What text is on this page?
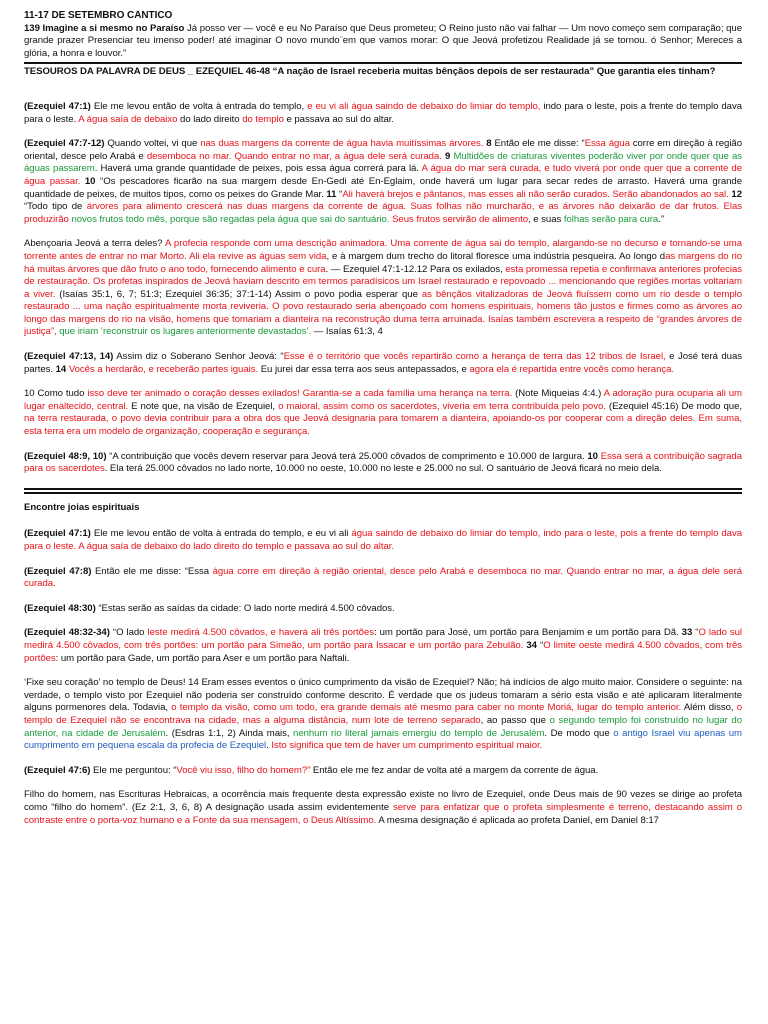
11-17 DE SETEMBRO CÂNTICO

139 Imagine a si mesmo no Paraíso Já posso ver — você e eu No Paraíso que Deus prometeu; O Reino justo não vai falhar — Um novo começo sem comparação; que grande prazer Presenciar teu imenso poder! até imaginar O novo mundo¨em que vamos morar: O que Jeová profetizou Realidade já se tornou. ó Senhor; Mereces a glória, a honra e louvor.”

TESOUROS DA PALAVRA DE DEUS _ EZEQUIEL 46-48 “A nação de Israel receberia muitas bênçãos depois de ser restaurada” Que garantia eles tinham?

(Ezequiel 47:1) Ele me levou então de volta à entrada do templo, e eu vi ali água saindo de debaixo do limiar do templo, indo para o leste, pois a frente do templo dava para o leste. A água saía de debaixo do lado direito do templo e passava ao sul do altar.

(Ezequiel 47:7-12) Quando voltei, vi que nas duas margens da corrente de água havia muitíssimas árvores. 8 Então ele me disse: “Essa água corre em direção à região oriental, desce pelo Arabá e desemboca no mar. Quando entrar no mar, a água dele será curada. 9 Multidões de criaturas viventes poderão viver por onde quer que as águas passarem. Haverá uma grande quantidade de peixes, pois essa água correrá para lá. A água do mar será curada, e tudo viverá por onde quer que a corrente de água passar. 10 “Os pescadores ficarão na sua margem desde En-Gedi até En-Eglaim, onde haverá um lugar para secar redes de arrasto. Haverá uma grande quantidade de peixes, de muitos tipos, como os peixes do Grande Mar. 11 “Ali haverá brejos e pântanos, mas esses ali não serão curados. Serão abandonados ao sal. 12 “Todo tipo de árvores para alimento crescerá nas duas margens da corrente de água. Suas folhas não murcharão, e as árvores não deixarão de dar frutos. Elas produzirão novos frutos todo mês, porque são regadas pela água que sai do santuário. Seus frutos servirão de alimento, e suas folhas serão para cura.”

Abençoaria Jeová a terra deles? A profecia responde com uma descrição animadora. Uma corrente de água sai do templo, alargando-se no decurso e tornando-se uma torrente antes de entrar no mar Morto. Ali ela revive as águas sem vida, e à margem dum trecho do litoral floresce uma indústria pesqueira. Ao longo das margens do rio há muitas árvores que dão fruto o ano todo, fornecendo alimento e cura. — Ezequiel 47:1-12.12 Para os exilados, esta promessa repetia e confirmava anteriores profecias de restauração. Os profetas inspirados de Jeová haviam descrito em termos paradísicos um Israel restaurado e repovoado ... mencionando que regiões mortas voltariam a viver. (Isaías 35:1, 6, 7; 51:3; Ezequiel 36:35; 37:1-14) Assim o povo podia esperar que as bênçãos vitalizadoras de Jeová fluíssem como um rio desde o templo restaurado ... uma nação espiritualmente morta reviveria. O povo restaurado seria abençoado com homens espirituais, homens tão justos e firmes como as árvores ao longo das margens do rio na visão, homens que tomariam a dianteira na reconstrução duma terra arruinada. Isaías também escrevera a respeito de “grandes árvores de justiça”, que iriam ‘reconstruir os lugares anteriormente devastados’. — Isaías 61:3, 4

(Ezequiel 47:13, 14) Assim diz o Soberano Senhor Jeová: “Esse é o território que vocês repartirão como a herança de terra das 12 tribos de Israel, e José terá duas partes. 14 Vocês a herdarão, e receberão partes iguais. Eu jurei dar essa terra aos seus antepassados, e agora ela é repartida entre vocês como herança.

10 Como tudo isso deve ter animado o coração desses exilados! Garantia-se a cada família uma herança na terra. (Note Miqueias 4:4.) A adoração pura ocuparia ali um lugar enaltecido, central. E note que, na visão de Ezequiel, o maioral, assim como os sacerdotes, viveria em terra contribuída pelo povo. (Ezequiel 45:16) De modo que, na terra restaurada, o povo devia contribuir para a obra dos que Jeová designaria para tomarem a dianteira, apoiando-os por cooperar com a direção deles. Em suma, esta terra era um modelo de organização, cooperação e segurança.

(Ezequiel 48:9, 10) “A contribuição que vocês devem reservar para Jeová terá 25.000 côvados de comprimento e 10.000 de largura. 10 Essa será a contribuição sagrada para os sacerdotes. Ela terá 25.000 côvados no lado norte, 10.000 no oeste, 10.000 no leste e 25.000 no sul. O santuário de Jeová ficará no meio dela.

Encontre joias espirituais

(Ezequiel 47:1) Ele me levou então de volta à entrada do templo, e eu vi ali água saindo de debaixo do limiar do templo, indo para o leste, pois a frente do templo dava para o leste. A água saía de debaixo do lado direito do templo e passava ao sul do altar.

(Ezequiel 47:8) Então ele me disse: “Essa água corre em direção à região oriental, desce pelo Arabá e desemboca no mar. Quando entrar no mar, a água dele será curada.

(Ezequiel 48:30) “Estas serão as saídas da cidade: O lado norte medirá 4.500 côvados.

(Ezequiel 48:32-34) “O lado leste medirá 4.500 côvados, e haverá ali três portões: um portão para José, um portão para Benjamim e um portão para Dã. 33 “O lado sul medirá 4.500 côvados, com três portões: um portão para Simeão, um portão para Issacar e um portão para Zebulão. 34 “O limite oeste medirá 4.500 côvados, com três portões: um portão para Gade, um portão para Aser e um portão para Naftali.

‘Fixe seu coração’ no templo de Deus! 14 Eram esses eventos o único cumprimento da visão de Ezequiel? Não; há indícios de algo muito maior. Considere o seguinte: na verdade, o templo visto por Ezequiel não poderia ser construído conforme descrito. É verdade que os judeus tomaram a sério esta visão e até aplicaram literalmente alguns pormenores dela. Todavia, o templo da visão, como um todo, era grande demais até mesmo para caber no monte Moriá, lugar do templo anterior. Além disso, o templo de Ezequiel não se encontrava na cidade, mas a alguma distância, num lote de terreno separado, ao passo que o segundo templo foi construído no lugar do anterior, na cidade de Jerusalém. (Esdras 1:1, 2) Ainda mais, nenhum rio literal jamais emergiu do templo de Jerusalém. De modo que o antigo Israel viu apenas um cumprimento em pequena escala da profecia de Ezequiel. Isto significa que tem de haver um cumprimento espiritual maior.

(Ezequiel 47:6) Ele me perguntou: “Você viu isso, filho do homem?” Então ele me fez andar de volta até a margem da corrente de água.

Filho do homem, nas Escrituras Hebraicas, a ocorrência mais frequente desta expressão existe no livro de Ezequiel, onde Deus mais de 90 vezes se dirige ao profeta como “filho do homem”. (Ez 2:1, 3, 6, 8) A designação usada assim evidentemente serve para enfatizar que o profeta simplesmente é terreno, destacando assim o contraste entre o porta-voz humano e a Fonte da sua mensagem, o Deus Altíssimo. A mesma designação é aplicada ao profeta Daniel, em Daniel 8:17
